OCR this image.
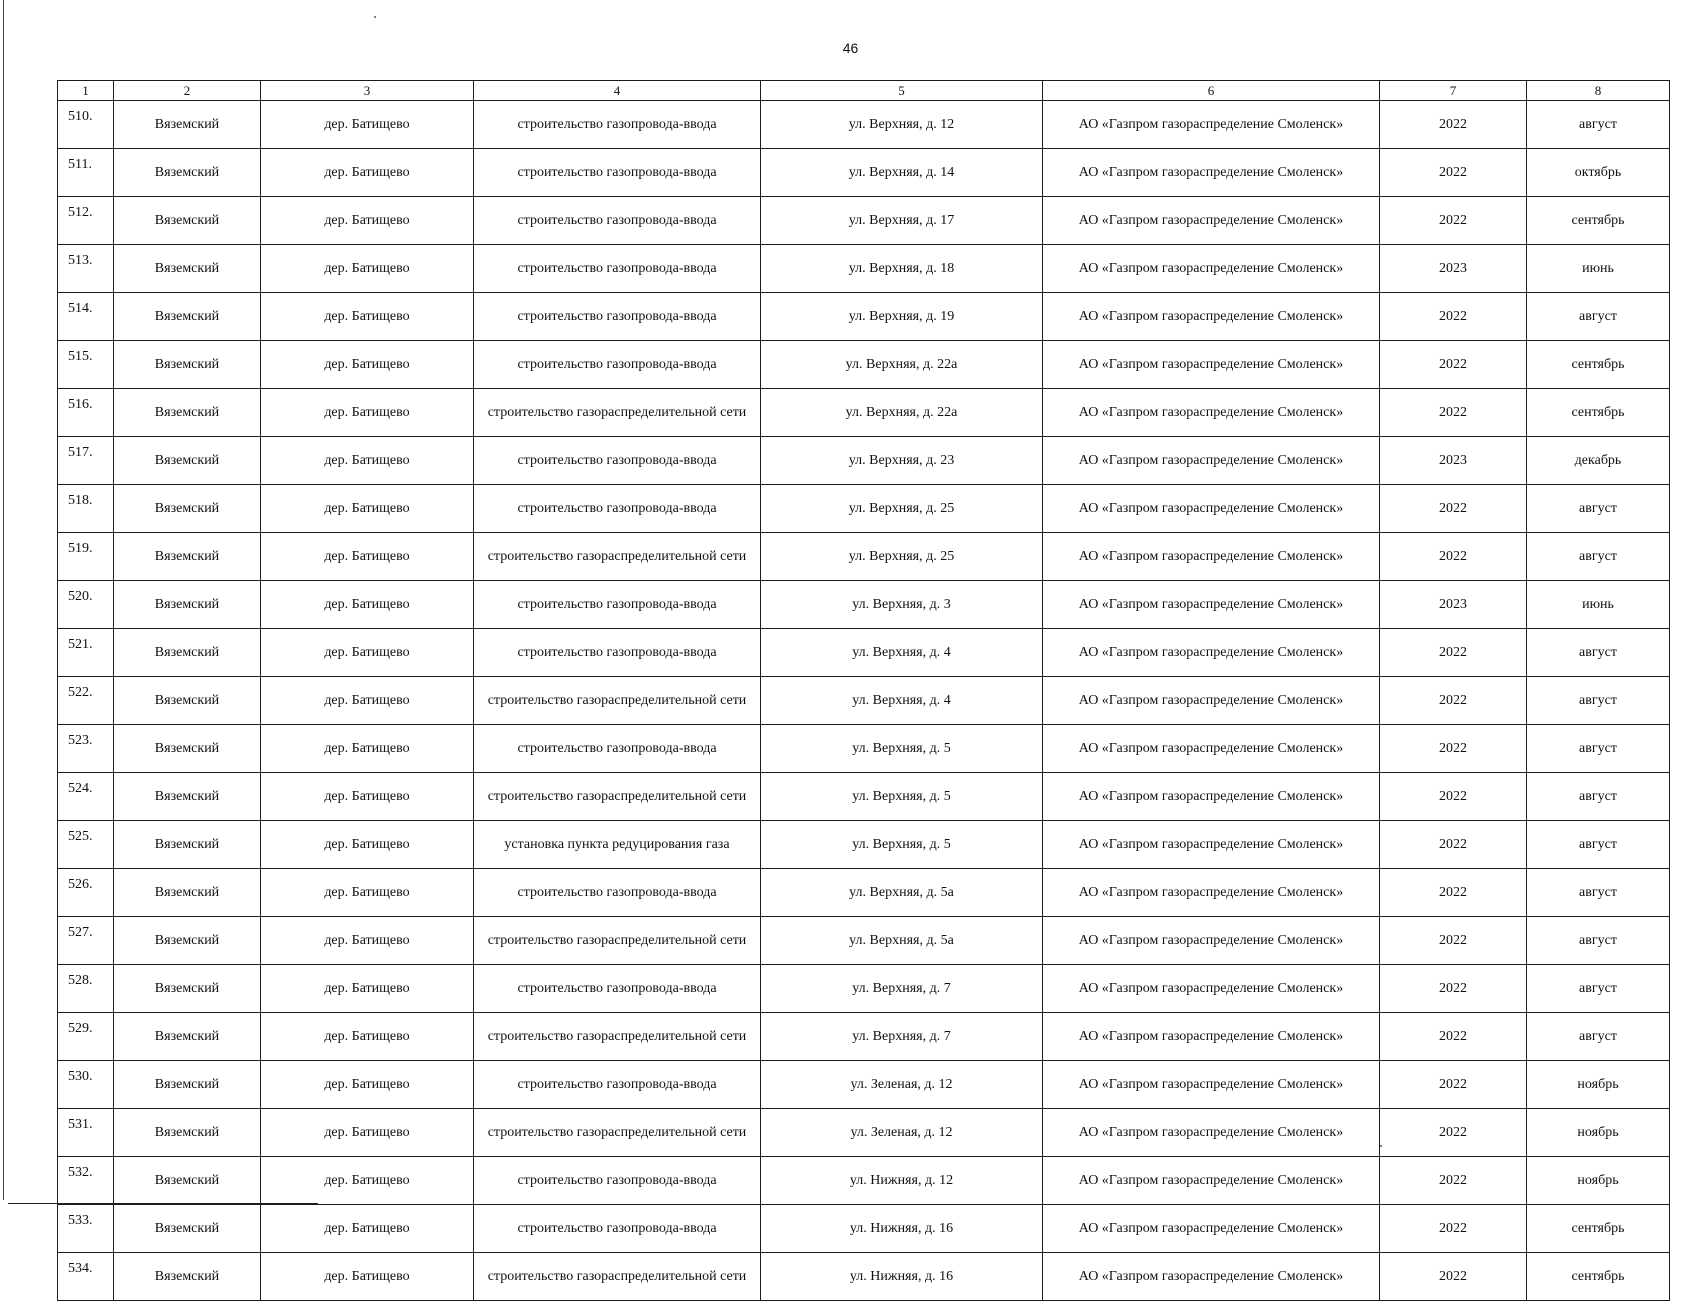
46
1	2	3	4	5	6	7	8
510.	Вяземский	дер. Батищево	строительство газопровода-ввода	ул. Верхняя, д. 12	АО «Газпром газораспределение Смоленск»	2022	август
511.	Вяземский	дер. Батищево	строительство газопровода-ввода	ул. Верхняя, д. 14	АО «Газпром газораспределение Смоленск»	2022	октябрь
512.	Вяземский	дер. Батищево	строительство газопровода-ввода	ул. Верхняя, д. 17	АО «Газпром газораспределение Смоленск»	2022	сентябрь
513.	Вяземский	дер. Батищево	строительство газопровода-ввода	ул. Верхняя, д. 18	АО «Газпром газораспределение Смоленск»	2023	июнь
514.	Вяземский	дер. Батищево	строительство газопровода-ввода	ул. Верхняя, д. 19	АО «Газпром газораспределение Смоленск»	2022	август
515.	Вяземский	дер. Батищево	строительство газопровода-ввода	ул. Верхняя, д. 22а	АО «Газпром газораспределение Смоленск»	2022	сентябрь
516.	Вяземский	дер. Батищево	строительство газораспределительной сети	ул. Верхняя, д. 22а	АО «Газпром газораспределение Смоленск»	2022	сентябрь
517.	Вяземский	дер. Батищево	строительство газопровода-ввода	ул. Верхняя, д. 23	АО «Газпром газораспределение Смоленск»	2023	декабрь
518.	Вяземский	дер. Батищево	строительство газопровода-ввода	ул. Верхняя, д. 25	АО «Газпром газораспределение Смоленск»	2022	август
519.	Вяземский	дер. Батищево	строительство газораспределительной сети	ул. Верхняя, д. 25	АО «Газпром газораспределение Смоленск»	2022	август
520.	Вяземский	дер. Батищево	строительство газопровода-ввода	ул. Верхняя, д. 3	АО «Газпром газораспределение Смоленск»	2023	июнь
521.	Вяземский	дер. Батищево	строительство газопровода-ввода	ул. Верхняя, д. 4	АО «Газпром газораспределение Смоленск»	2022	август
522.	Вяземский	дер. Батищево	строительство газораспределительной сети	ул. Верхняя, д. 4	АО «Газпром газораспределение Смоленск»	2022	август
523.	Вяземский	дер. Батищево	строительство газопровода-ввода	ул. Верхняя, д. 5	АО «Газпром газораспределение Смоленск»	2022	август
524.	Вяземский	дер. Батищево	строительство газораспределительной сети	ул. Верхняя, д. 5	АО «Газпром газораспределение Смоленск»	2022	август
525.	Вяземский	дер. Батищево	установка пункта редуцирования газа	ул. Верхняя, д. 5	АО «Газпром газораспределение Смоленск»	2022	август
526.	Вяземский	дер. Батищево	строительство газопровода-ввода	ул. Верхняя, д. 5а	АО «Газпром газораспределение Смоленск»	2022	август
527.	Вяземский	дер. Батищево	строительство газораспределительной сети	ул. Верхняя, д. 5а	АО «Газпром газораспределение Смоленск»	2022	август
528.	Вяземский	дер. Батищево	строительство газопровода-ввода	ул. Верхняя, д. 7	АО «Газпром газораспределение Смоленск»	2022	август
529.	Вяземский	дер. Батищево	строительство газораспределительной сети	ул. Верхняя, д. 7	АО «Газпром газораспределение Смоленск»	2022	август
530.	Вяземский	дер. Батищево	строительство газопровода-ввода	ул. Зеленая, д. 12	АО «Газпром газораспределение Смоленск»	2022	ноябрь
531.	Вяземский	дер. Батищево	строительство газораспределительной сети	ул. Зеленая, д. 12	АО «Газпром газораспределение Смоленск»	2022	ноябрь
532.	Вяземский	дер. Батищево	строительство газопровода-ввода	ул. Нижняя, д. 12	АО «Газпром газораспределение Смоленск»	2022	ноябрь
533.	Вяземский	дер. Батищево	строительство газопровода-ввода	ул. Нижняя, д. 16	АО «Газпром газораспределение Смоленск»	2022	сентябрь
534.	Вяземский	дер. Батищево	строительство газораспределительной сети	ул. Нижняя, д. 16	АО «Газпром газораспределение Смоленск»	2022	сентябрь
